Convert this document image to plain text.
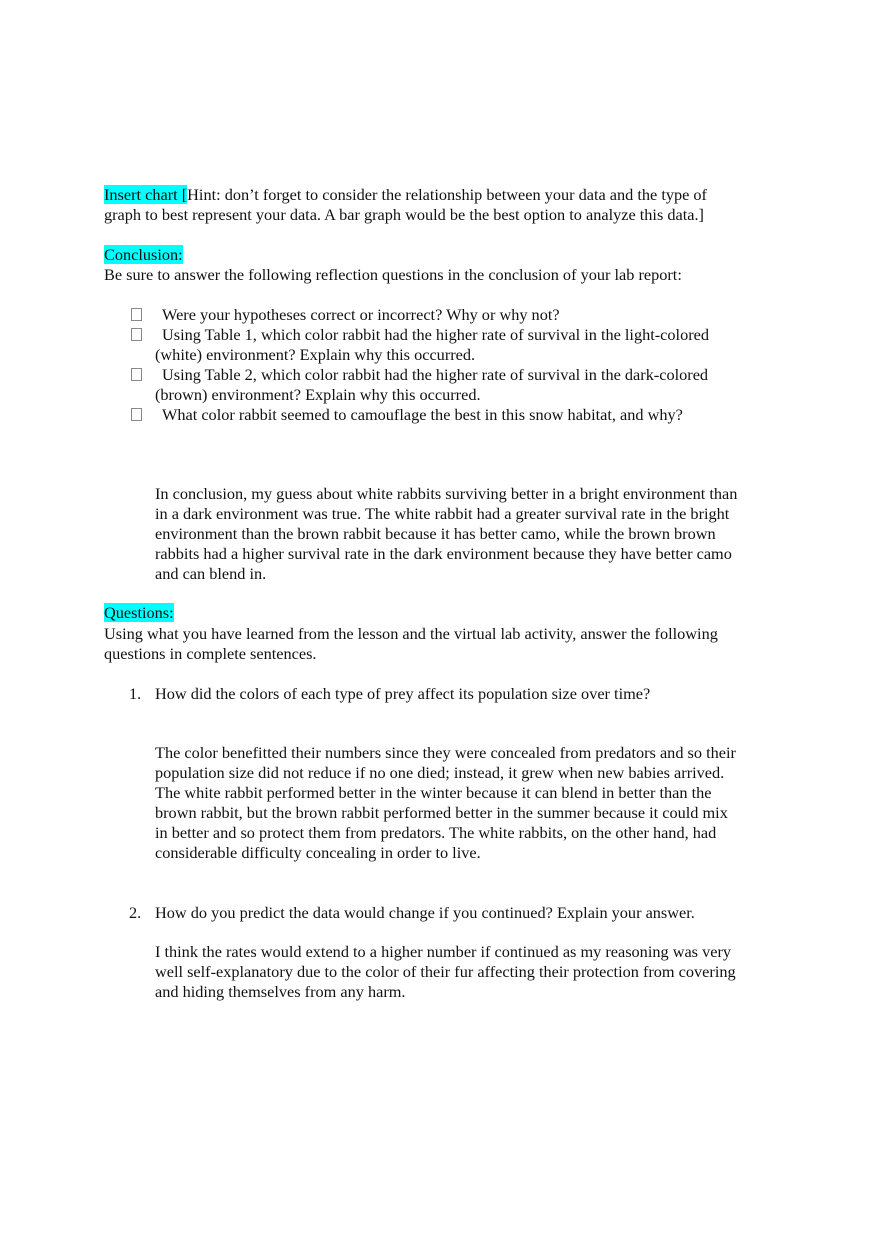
Insert chart [Hint: don’t forget to consider the relationship between your data and the type of
graph to best represent your data. A bar graph would be the best option to analyze this data.]
Conclusion:
Be sure to answer the following reflection questions in the conclusion of your lab report:
Were your hypotheses correct or incorrect? Why or why not?
Using Table 1, which color rabbit had the higher rate of survival in the light-colored
(white) environment? Explain why this occurred.
Using Table 2, which color rabbit had the higher rate of survival in the dark-colored
(brown) environment? Explain why this occurred.
What color rabbit seemed to camouflage the best in this snow habitat, and why?
In conclusion, my guess about white rabbits surviving better in a bright environment than
in a dark environment was true. The white rabbit had a greater survival rate in the bright
environment than the brown rabbit because it has better camo, while the brown brown
rabbits had a higher survival rate in the dark environment because they have better camo
and can blend in.
Questions:
Using what you have learned from the lesson and the virtual lab activity, answer the following
questions in complete sentences.
1. How did the colors of each type of prey affect its population size over time?
The color benefitted their numbers since they were concealed from predators and so their
population size did not reduce if no one died; instead, it grew when new babies arrived.
The white rabbit performed better in the winter because it can blend in better than the
brown rabbit, but the brown rabbit performed better in the summer because it could mix
in better and so protect them from predators. The white rabbits, on the other hand, had
considerable difficulty concealing in order to live.
2. How do you predict the data would change if you continued? Explain your answer.
I think the rates would extend to a higher number if continued as my reasoning was very
well self-explanatory due to the color of their fur affecting their protection from covering
and hiding themselves from any harm.
